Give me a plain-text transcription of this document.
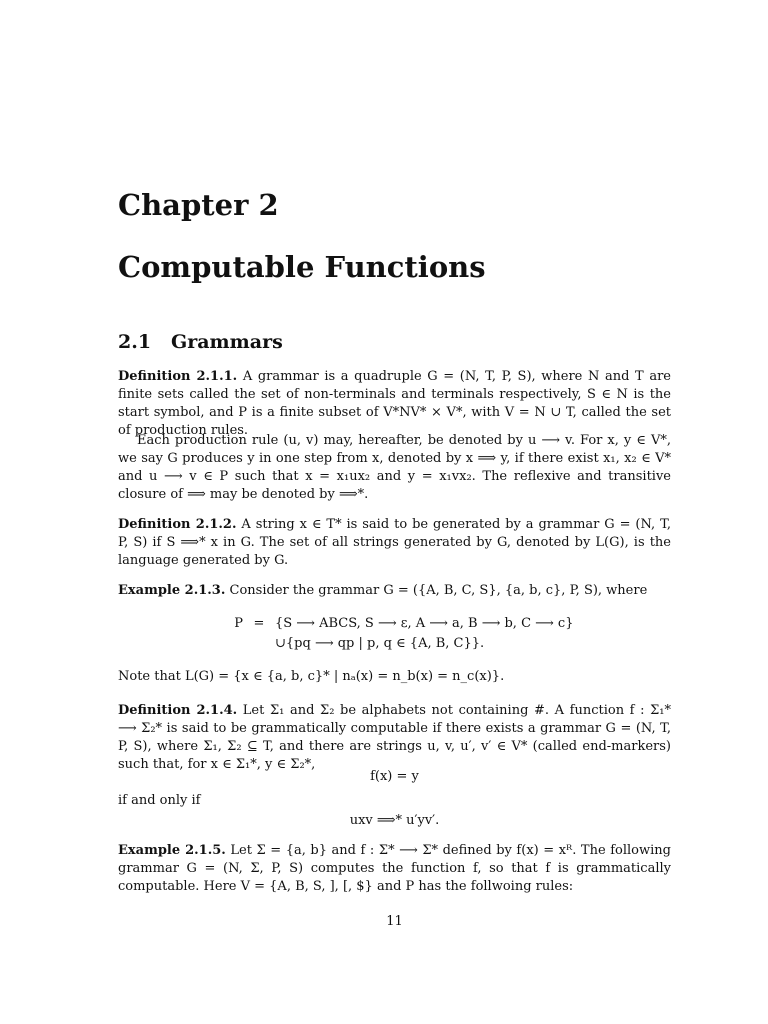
Chapter 2
Computable Functions
2.1 Grammars
Definition 2.1.1. A grammar is a quadruple G = (N, T, P, S), where N and T are finite sets called the set of non-terminals and terminals respectively, S ∈ N is the start symbol, and P is a finite subset of V*NV* × V*, with V = N ∪ T, called the set of production rules.
Each production rule (u, v) may, hereafter, be denoted by u ⟶ v. For x, y ∈ V*, we say G produces y in one step from x, denoted by x ⟹ y, if there exist x₁, x₂ ∈ V* and u ⟶ v ∈ P such that x = x₁ux₂ and y = x₁vx₂. The reflexive and transitive closure of ⟹ may be denoted by ⟹*.
Definition 2.1.2. A string x ∈ T* is said to be generated by a grammar G = (N, T, P, S) if S ⟹* x in G. The set of all strings generated by G, denoted by L(G), is the language generated by G.
Example 2.1.3. Consider the grammar G = ({A, B, C, S}, {a, b, c}, P, S), where
P = {S ⟶ ABCS, S ⟶ ε, A ⟶ a, B ⟶ b, C ⟶ c}
∪{pq ⟶ qp | p, q ∈ {A, B, C}}.
Note that L(G) = {x ∈ {a, b, c}* | nₐ(x) = n_b(x) = n_c(x)}.
Definition 2.1.4. Let Σ₁ and Σ₂ be alphabets not containing #. A function f : Σ₁* ⟶ Σ₂* is said to be grammatically computable if there exists a grammar G = (N, T, P, S), where Σ₁, Σ₂ ⊆ T, and there are strings u, v, u′, v′ ∈ V* (called end-markers) such that, for x ∈ Σ₁*, y ∈ Σ₂*,
f(x) = y
if and only if
uxv ⟹* u′yv′.
Example 2.1.5. Let Σ = {a, b} and f : Σ* ⟶ Σ* defined by f(x) = xᴿ. The following grammar G = (N, Σ, P, S) computes the function f, so that f is grammatically computable. Here V = {A, B, S, ], [, $} and P has the follwoing rules:
11
